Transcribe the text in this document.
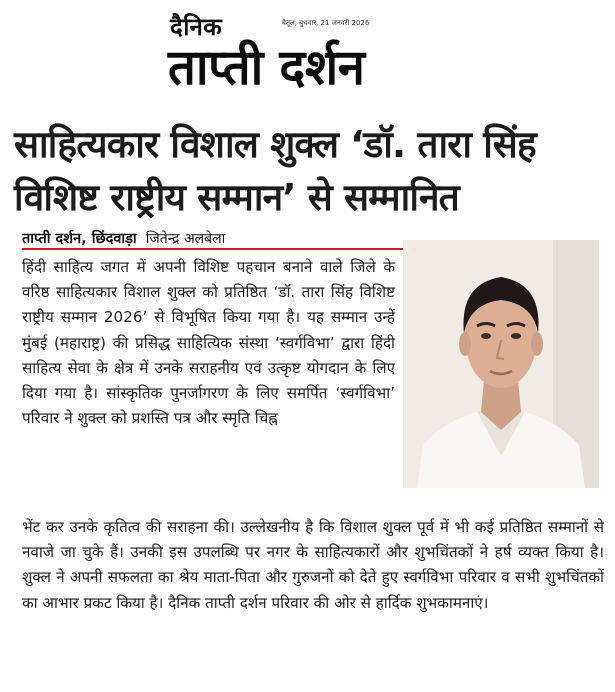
दैनिक	बैतूल, बुधवार, 21 जनवरी 2026
ताप्ती दर्शन
साहित्यकार विशाल शुक्ल ‘डॉ. तारा सिंह विशिष्ट राष्ट्रीय सम्मान’ से सम्मानित
ताप्ती दर्शन, छिंदवाड़ा जितेन्द्र अलबेला

हिंदी साहित्य जगत में अपनी विशिष्ट पहचान बनाने वाले जिले के वरिष्ठ साहित्यकार विशाल शुक्ल को प्रतिष्ठित ‘डॉ. तारा सिंह विशिष्ट राष्ट्रीय सम्मान 2026’ से विभूषित किया गया है। यह सम्मान उन्हें मुंबई (महाराष्ट्र) की प्रसिद्ध साहित्यिक संस्था ‘स्वर्गविभा’ द्वारा हिंदी साहित्य सेवा के क्षेत्र में उनके सराहनीय एवं उत्कृष्ट योगदान के लिए दिया गया है। सांस्कृतिक पुनर्जागरण के लिए समर्पित ‘स्वर्गविभा’ परिवार ने शुक्ल को प्रशस्ति पत्र और स्मृति चिह्न

भेंट कर उनके कृतित्व की सराहना की। उल्लेखनीय है कि विशाल शुक्ल पूर्व में भी कई प्रतिष्ठित सम्मानों से नवाजे जा चुके हैं। उनकी इस उपलब्धि पर नगर के साहित्यकारों और शुभचिंतकों ने हर्ष व्यक्त किया है। शुक्ल ने अपनी सफलता का श्रेय माता-पिता और गुरुजनों को देते हुए स्वर्गविभा परिवार व सभी शुभचिंतकों का आभार प्रकट किया है। दैनिक ताप्ती दर्शन परिवार की ओर से हार्दिक शुभकामनाएं।
